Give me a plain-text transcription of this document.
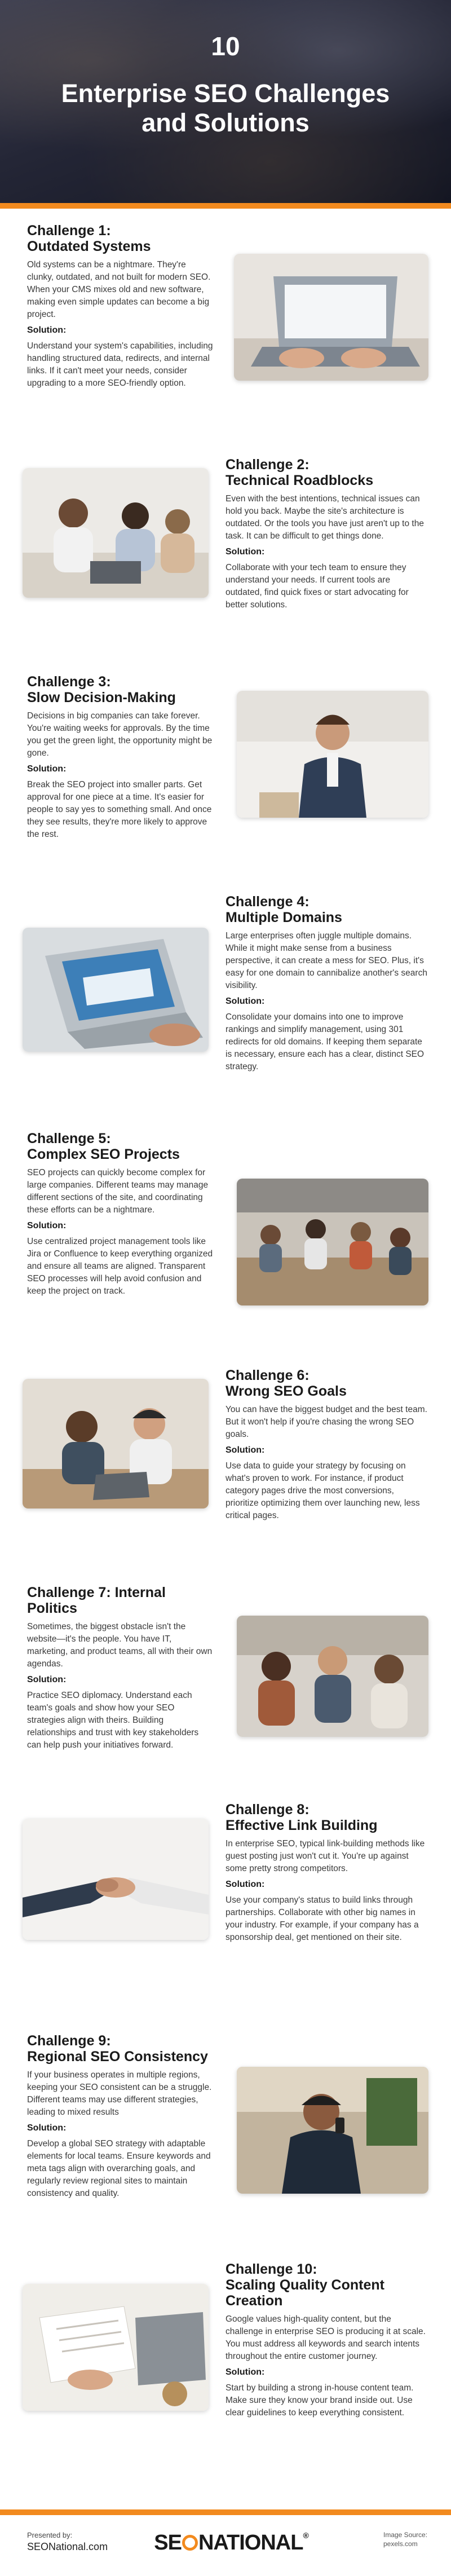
10
Enterprise SEO Challenges
and Solutions
Challenge 1:
Outdated Systems
Old systems can be a nightmare. They're clunky, outdated, and not built for modern SEO. When your CMS mixes old and new software, making even simple updates can become a big project.
Solution:
Understand your system's capabilities, including handling structured data, redirects, and internal links. If it can't meet your needs, consider upgrading to a more SEO-friendly option.
Challenge 2:
Technical Roadblocks
Even with the best intentions, technical issues can hold you back. Maybe the site's architecture is outdated. Or the tools you have just aren't up to the task. It can be difficult to get things done.
Solution:
Collaborate with your tech team to ensure they understand your needs. If current tools are outdated, find quick fixes or start advocating for better solutions.
Challenge 3:
Slow Decision-Making
Decisions in big companies can take forever. You're waiting weeks for approvals. By the time you get the green light, the opportunity might be gone.
Solution:
Break the SEO project into smaller parts. Get approval for one piece at a time. It's easier for people to say yes to something small. And once they see results, they're more likely to approve the rest.
Challenge 4:
Multiple Domains
Large enterprises often juggle multiple domains. While it might make sense from a business perspective, it can create a mess for SEO. Plus, it's easy for one domain to cannibalize another's search visibility.
Solution:
Consolidate your domains into one to improve rankings and simplify management, using 301 redirects for old domains. If keeping them separate is necessary, ensure each has a clear, distinct SEO strategy.
Challenge 5:
Complex SEO Projects
SEO projects can quickly become complex for large companies. Different teams may manage different sections of the site, and coordinating these efforts can be a nightmare.
Solution:
Use centralized project management tools like Jira or Confluence to keep everything organized and ensure all teams are aligned. Transparent SEO processes will help avoid confusion and keep the project on track.
Challenge 6:
Wrong SEO Goals
You can have the biggest budget and the best team. But it won't help if you're chasing the wrong SEO goals.
Solution:
Use data to guide your strategy by focusing on what's proven to work. For instance, if product category pages drive the most conversions, prioritize optimizing them over launching new, less critical pages.
Challenge 7: Internal Politics
Sometimes, the biggest obstacle isn't the website—it's the people. You have IT, marketing, and product teams, all with their own agendas.
Solution:
Practice SEO diplomacy. Understand each team's goals and show how your SEO strategies align with theirs. Building relationships and trust with key stakeholders can help push your initiatives forward.
Challenge 8:
Effective Link Building
In enterprise SEO, typical link-building methods like guest posting just won't cut it. You're up against some pretty strong competitors.
Solution:
Use your company's status to build links through partnerships. Collaborate with other big names in your industry. For example, if your company has a sponsorship deal, get mentioned on their site.
Challenge 9:
Regional SEO Consistency
If your business operates in multiple regions, keeping your SEO consistent can be a struggle. Different teams may use different strategies, leading to mixed results
Solution:
Develop a global SEO strategy with adaptable elements for local teams. Ensure keywords and meta tags align with overarching goals, and regularly review regional sites to maintain consistency and quality.
Challenge 10:
Scaling Quality Content Creation
Google values high-quality content, but the challenge in enterprise SEO is producing it at scale. You must address all keywords and search intents throughout the entire customer journey.
Solution:
Start by building a strong in-house content team. Make sure they know your brand inside out. Use clear guidelines to keep everything consistent.
Presented by:
SEONational.com	SE NATIONAL®	Image Source:
pexels.com
